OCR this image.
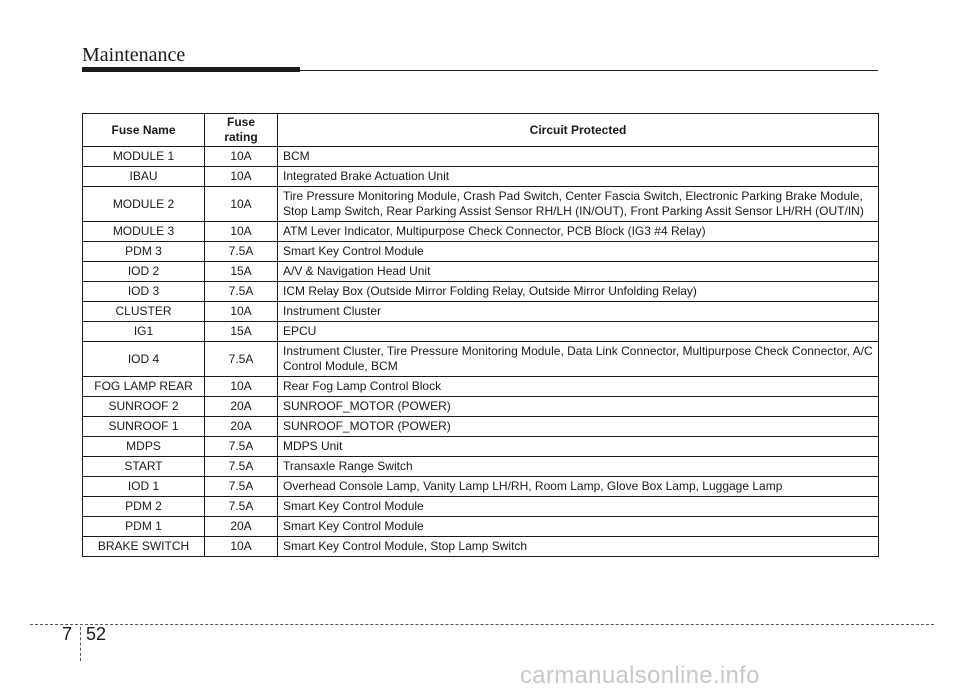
Maintenance
Fuse Name	Fuse rating	Circuit Protected
MODULE 1	10A	BCM
IBAU	10A	Integrated Brake Actuation Unit
MODULE 2	10A	Tire Pressure Monitoring Module, Crash Pad Switch, Center Fascia Switch, Electronic Parking Brake Module, Stop Lamp Switch, Rear Parking Assist Sensor RH/LH (IN/OUT), Front Parking Assit Sensor LH/RH (OUT/IN)
MODULE 3	10A	ATM Lever Indicator, Multipurpose Check Connector, PCB Block (IG3 #4 Relay)
PDM 3	7.5A	Smart Key Control Module
IOD 2	15A	A/V & Navigation Head Unit
IOD 3	7.5A	ICM Relay Box (Outside Mirror Folding Relay, Outside Mirror Unfolding Relay)
CLUSTER	10A	Instrument Cluster
IG1	15A	EPCU
IOD 4	7.5A	Instrument Cluster, Tire Pressure Monitoring Module, Data Link Connector, Multipurpose Check Connector, A/C Control Module, BCM
FOG LAMP REAR	10A	Rear Fog Lamp Control Block
SUNROOF 2	20A	SUNROOF_MOTOR (POWER)
SUNROOF 1	20A	SUNROOF_MOTOR (POWER)
MDPS	7.5A	MDPS Unit
START	7.5A	Transaxle Range Switch
IOD 1	7.5A	Overhead Console Lamp, Vanity Lamp LH/RH, Room Lamp, Glove Box Lamp, Luggage Lamp
PDM 2	7.5A	Smart Key Control Module
PDM 1	20A	Smart Key Control Module
BRAKE SWITCH	10A	Smart Key Control Module, Stop Lamp Switch
7 52
carmanualsonline.info
